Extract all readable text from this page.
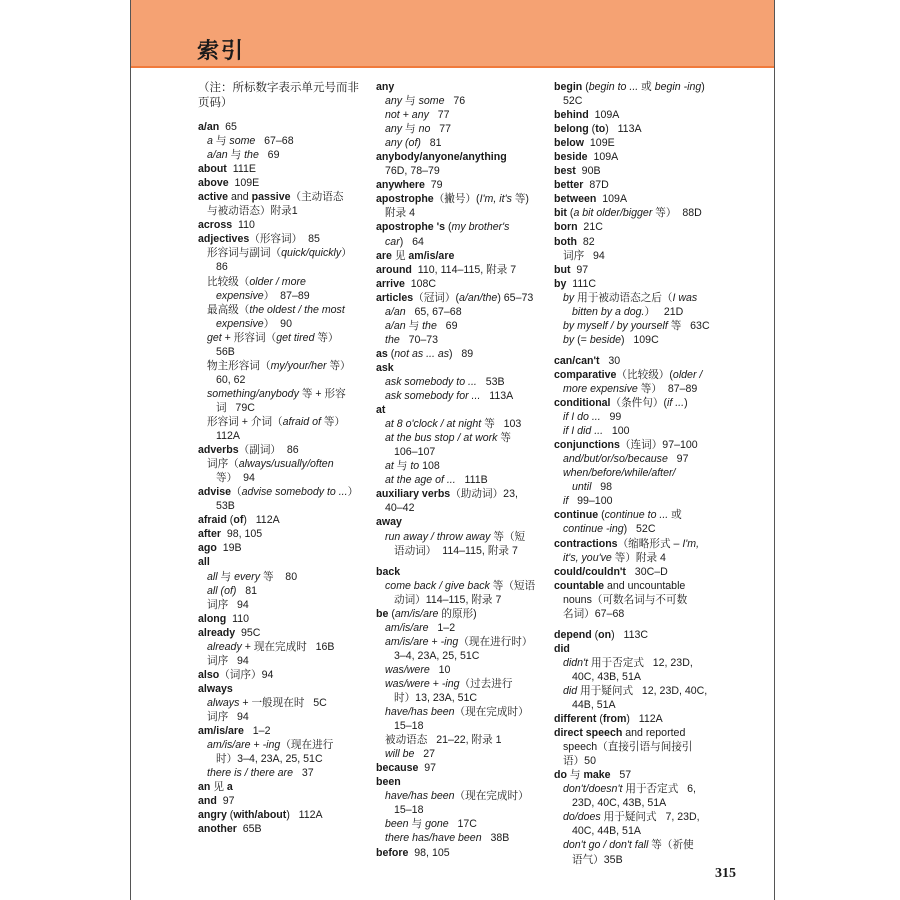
索引
（注：所标数字表示单元号而非页码）
a/an  65
a 与 some   67–68
a/an 与 the   69
about  111E
above  109E
active and passive（主动语态
与被动语态）附录1
across  110
adjectives（形容词）  85
形容词与副词（quick/quickly）
86
比较级（older / more
expensive）  87–89
最高级（the oldest / the most
expensive）  90
get + 形容词（get tired 等）
56B
物主形容词（my/your/her 等）
60, 62
something/anybody 等 + 形容
词   79C
形容词 + 介词（afraid of 等）
112A
adverbs（副词）  86
词序（always/usually/often
等）  94
advise（advise somebody to ...）
53B
afraid (of)   112A
after  98, 105
ago  19B
all
all 与 every 等    80
all (of)   81
词序   94
along  110
already  95C
already + 现在完成时   16B
词序   94
also（词序）94
always
always + 一般现在时   5C
词序   94
am/is/are   1–2
am/is/are + -ing（现在进行
时）3–4, 23A, 25, 51C
there is / there are   37
an 见 a
and  97
angry (with/about)   112A
another  65B
any
any 与 some   76
not + any   77
any 与 no   77
any (of)   81
anybody/anyone/anything
76D, 78–79
anywhere  79
apostrophe（撇号）(I'm, it's 等)
附录 4
apostrophe 's (my brother's
car)   64
are 见 am/is/are
around  110, 114–115, 附录 7
arrive  108C
articles（冠词）(a/an/the) 65–73
a/an   65, 67–68
a/an 与 the   69
the   70–73
as (not as ... as)   89
ask
ask somebody to ...   53B
ask somebody for ...   113A
at
at 8 o'clock / at night 等   103
at the bus stop / at work 等
106–107
at 与 to 108
at the age of ...   111B
auxiliary verbs（助动词）23,
40–42
away
run away / throw away 等（短
语动词）  114–115, 附录 7
back
come back / give back 等（短语
动词）114–115, 附录 7
be (am/is/are 的原形)
am/is/are   1–2
am/is/are + -ing（现在进行时）
3–4, 23A, 25, 51C
was/were   10
was/were + -ing（过去进行
时）13, 23A, 51C
have/has been（现在完成时）
15–18
被动语态   21–22, 附录 1
will be   27
because  97
been
have/has been（现在完成时）
15–18
been 与 gone   17C
there has/have been   38B
before  98, 105
begin (begin to ... 或 begin -ing)
52C
behind  109A
belong (to)   113A
below  109E
beside  109A
best  90B
better  87D
between  109A
bit (a bit older/bigger 等）  88D
born  21C
both  82
词序   94
but  97
by  111C
by 用于被动语态之后（I was
bitten by a dog.）   21D
by myself / by yourself 等   63C
by (= beside)   109C
can/can't   30
comparative（比较级）(older /
more expensive 等）  87–89
conditional（条件句）(if ...)
if I do ...   99
if I did ...   100
conjunctions（连词）97–100
and/but/or/so/because   97
when/before/while/after/
until   98
if   99–100
continue (continue to ... 或
continue -ing)   52C
contractions（缩略形式 – I'm,
it's, you've 等）附录 4
could/couldn't   30C–D
countable and uncountable
nouns（可数名词与不可数
名词）67–68
depend (on)   113C
did
didn't 用于否定式   12, 23D,
40C, 43B, 51A
did 用于疑问式   12, 23D, 40C,
44B, 51A
different (from)   112A
direct speech and reported
speech（直接引语与间接引
语）50
do 与 make   57
don't/doesn't 用于否定式   6,
23D, 40C, 43B, 51A
do/does 用于疑问式   7, 23D,
40C, 44B, 51A
don't go / don't fall 等（祈使
语气）35B
315
